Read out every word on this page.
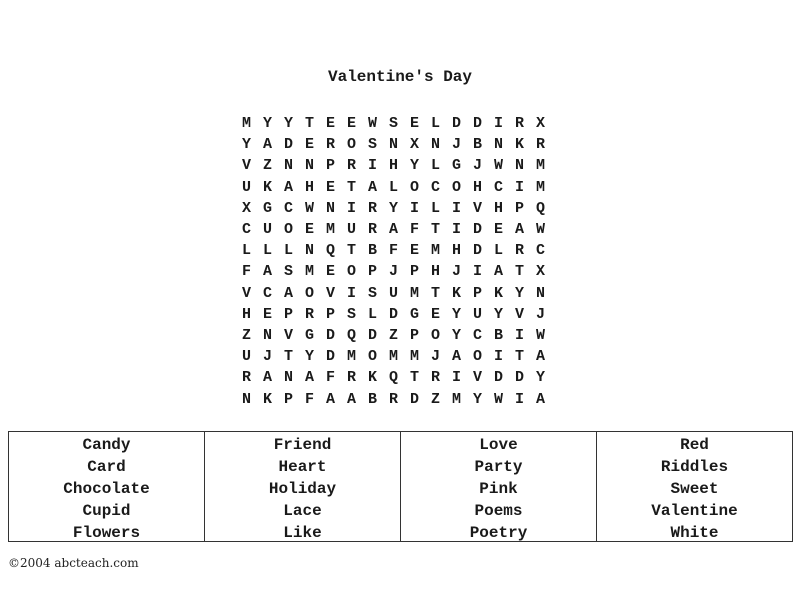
Valentine's Day
M Y Y T E E W S E L D D I R X
Y A D E R O S N X N J B N K R
V Z N N P R I H Y L G J W N M
U K A H E T A L O C O H C I M
X G C W N I R Y I L I V H P Q
C U O E M U R A F T I D E A W
L L L N Q T B F E M H D L R C
F A S M E O P J P H J I A T X
V C A O V I S U M T K P K Y N
H E P R P S L D G E Y U Y V J
Z N V G D Q D Z P O Y C B I W
U J T Y D M O M M J A O I T A
R A N A F R K Q T R I V D D Y
N K P F A A B R D Z M Y W I A
Candy
Card
Chocolate
Cupid
Flowers
Friend
Heart
Holiday
Lace
Like
Love
Party
Pink
Poems
Poetry
Red
Riddles
Sweet
Valentine
White
©2004 abcteach.com
